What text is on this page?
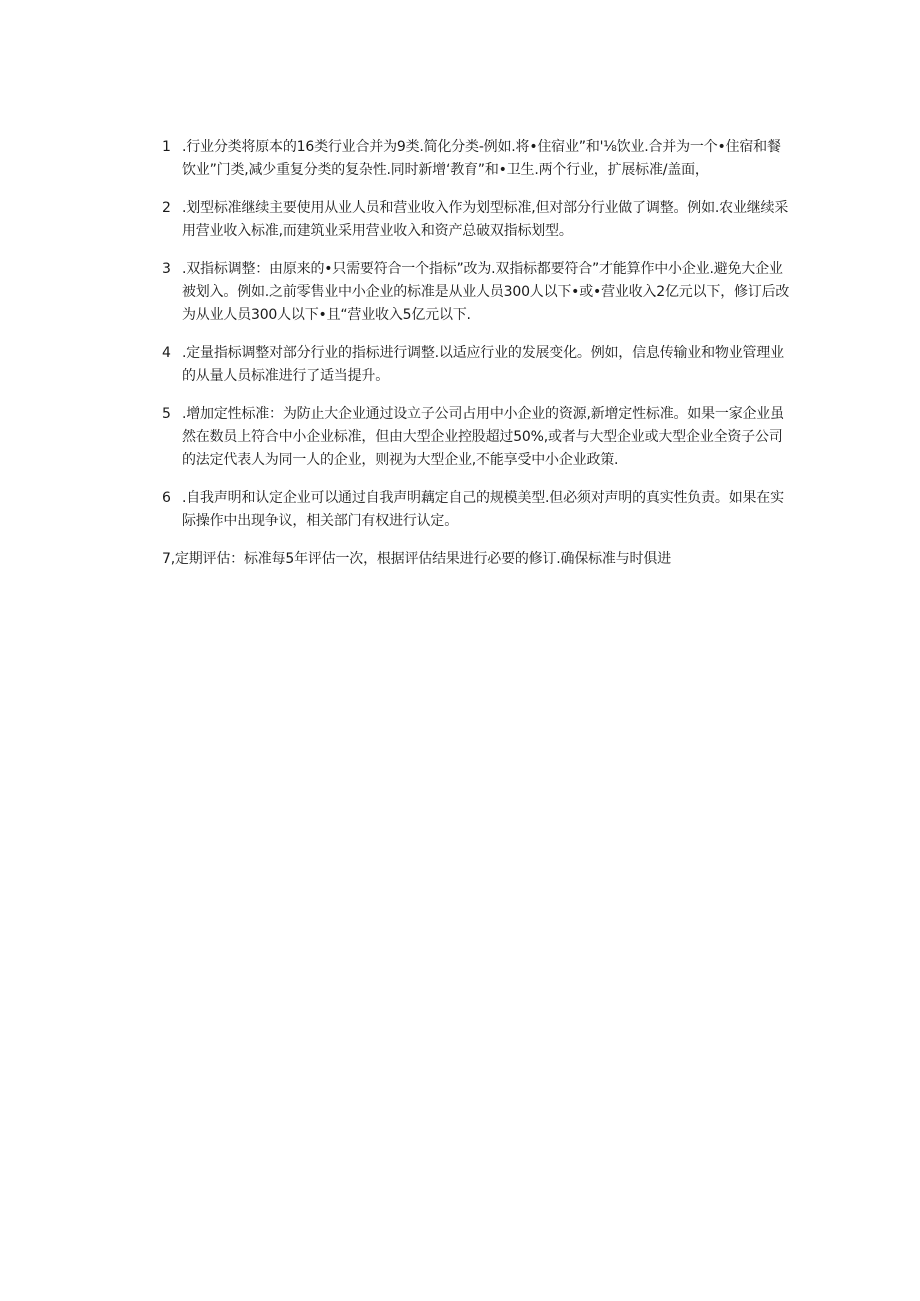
1 .行业分类将原本的16类行业合并为9类.简化分类-例如.将•住宿业”和'⅛饮业.合并为一个•住宿和餐饮业”门类,减少重复分类的复杂性.同时新增‘教育”和•卫生.两个行业，扩展标准/盖面，
2 .划型标准继续主要使用从业人员和营业收入作为划型标准,但对部分行业做了调整。例如.农业继续采用营业收入标准,而建筑业采用营业收入和资产总破双指标划型。
3 .双指标调整：由原来的•只需要符合一个指标”改为.双指标都要符合”才能算作中小企业.避免大企业被划入。例如.之前零售业中小企业的标准是从业人员300人以下•或•营业收入2亿元以下，修订后改为从业人员300人以下•且“营业收入5亿元以下.
4 .定量指标调整对部分行业的指标进行调整.以适应行业的发展变化。例如，信息传输业和物业管理业的从量人员标准进行了适当提升。
5 .增加定性标准：为防止大企业通过设立子公司占用中小企业的资源,新增定性标准。如果一家企业虽然在数员上符合中小企业标准，但由大型企业控股超过50%,或者与大型企业或大型企业全资子公司的法定代表人为同一人的企业，则视为大型企业,不能享受中小企业政策.
6 .自我声明和认定企业可以通过自我声明藕定自己的规模美型.但必须对声明的真实性负责。如果在实际操作中出现争议，相关部门有权进行认定。
7,定期评估：标准每5年评估一次，根据评估结果进行必要的修订.确保标准与时俱进
